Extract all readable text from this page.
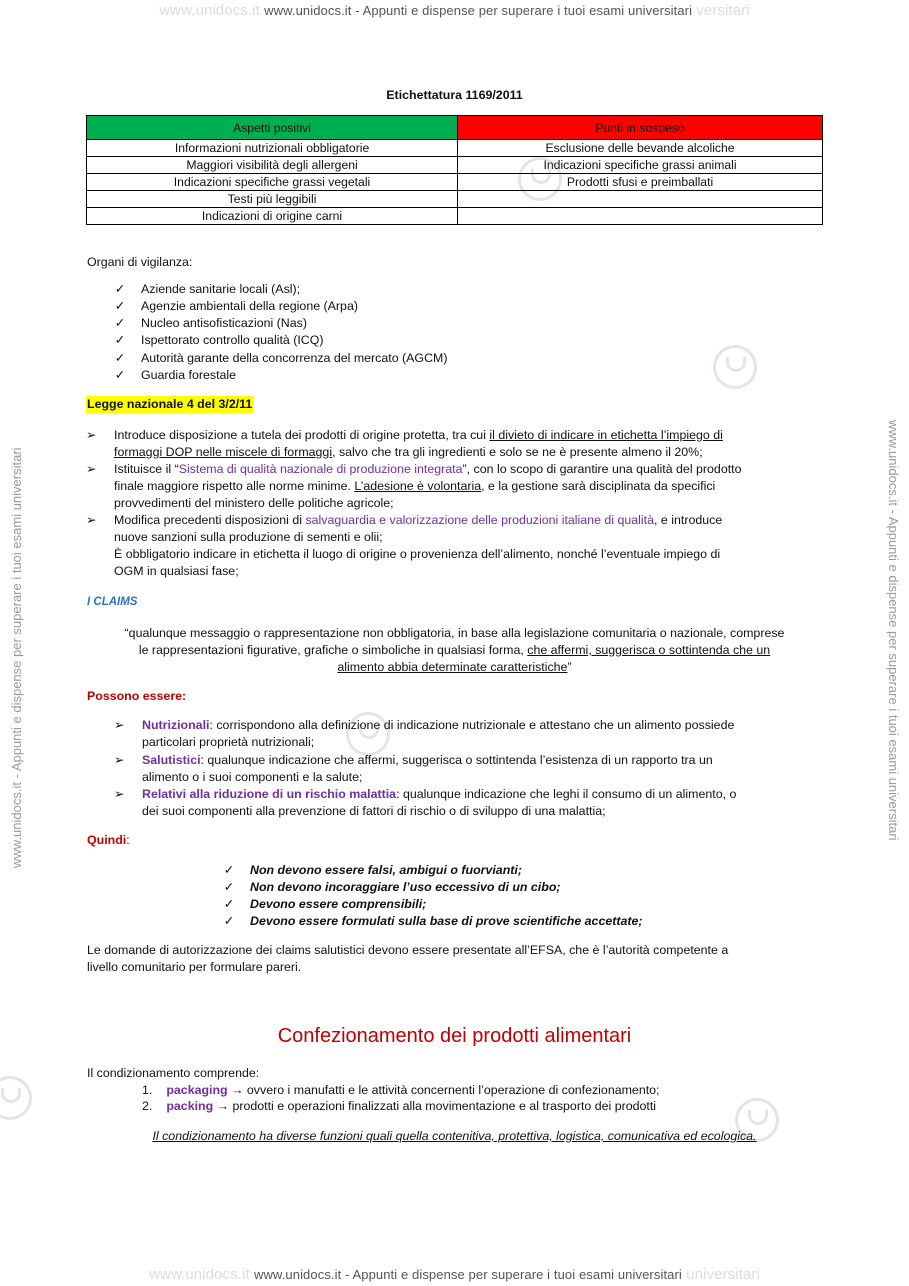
www.unidocs.it www.unidocs.it - Appunti e dispense per superare i tuoi esami universitari versitari
www.unidocs.it www.unidocs.it - Appunti e dispense per superare i tuoi esami universitari universitari
www.unidocs.it - Appunti e dispense per superare i tuoi esami universitari	www.unidocs.it - Appunti e dispense per superare i tuoi esami universitari
Etichettatura 1169/2011
Aspetti positivi	Punti in sospeso
Informazioni nutrizionali obbligatorie	Esclusione delle bevande alcoliche
Maggiori visibilità degli allergeni	Indicazioni specifiche grassi animali
Indicazioni specifiche grassi vegetali	Prodotti sfusi e preimballati
Testi più leggibili	
Indicazioni di origine carni	
Organi di vigilanza:
✓ Aziende sanitarie locali (Asl);
✓ Agenzie ambientali della regione (Arpa)
✓ Nucleo antisofisticazioni (Nas)
✓ Ispettorato controllo qualità (ICQ)
✓ Autorità garante della concorrenza del mercato (AGCM)
✓ Guardia forestale
Legge nazionale 4 del 3/2/11
➢ Introduce disposizione a tutela dei prodotti di origine protetta, tra cui il divieto di indicare in etichetta l’impiego di
formaggi DOP nelle miscele di formaggi, salvo che tra gli ingredienti e solo se ne è presente almeno il 20%;
➢ Istituisce il “Sistema di qualità nazionale di produzione integrata”, con lo scopo di garantire una qualità del prodotto
finale maggiore rispetto alle norme minime. L’adesione è volontaria, e la gestione sarà disciplinata da specifici
provvedimenti del ministero delle politiche agricole;
➢ Modifica precedenti disposizioni di salvaguardia e valorizzazione delle produzioni italiane di qualità, e introduce
nuove sanzioni sulla produzione di sementi e olii;
È obbligatorio indicare in etichetta il luogo di origine o provenienza dell’alimento, nonché l’eventuale impiego di
OGM in qualsiasi fase;
I CLAIMS
“qualunque messaggio o rappresentazione non obbligatoria, in base alla legislazione comunitaria o nazionale, comprese
le rappresentazioni figurative, grafiche o simboliche in qualsiasi forma, che affermi, suggerisca o sottintenda che un
alimento abbia determinate caratteristiche”
Possono essere:
➢ Nutrizionali: corrispondono alla definizione di indicazione nutrizionale e attestano che un alimento possiede
particolari proprietà nutrizionali;
➢ Salutistici: qualunque indicazione che affermi, suggerisca o sottintenda l’esistenza di un rapporto tra un
alimento o i suoi componenti e la salute;
➢ Relativi alla riduzione di un rischio malattia: qualunque indicazione che leghi il consumo di un alimento, o
dei suoi componenti alla prevenzione di fattori di rischio o di sviluppo di una malattia;
Quindi:
✓ Non devono essere falsi, ambigui o fuorvianti;
✓ Non devono incoraggiare l’uso eccessivo di un cibo;
✓ Devono essere comprensibili;
✓ Devono essere formulati sulla base di prove scientifiche accettate;
Le domande di autorizzazione dei claims salutistici devono essere presentate all’EFSA, che è l’autorità competente a
livello comunitario per formulare pareri.
Confezionamento dei prodotti alimentari
Il condizionamento comprende:
1. packaging → ovvero i manufatti e le attività concernenti l’operazione di confezionamento;
2. packing → prodotti e operazioni finalizzati alla movimentazione e al trasporto dei prodotti
Il condizionamento ha diverse funzioni quali quella contenitiva, protettiva, logistica, comunicativa ed ecologica.
